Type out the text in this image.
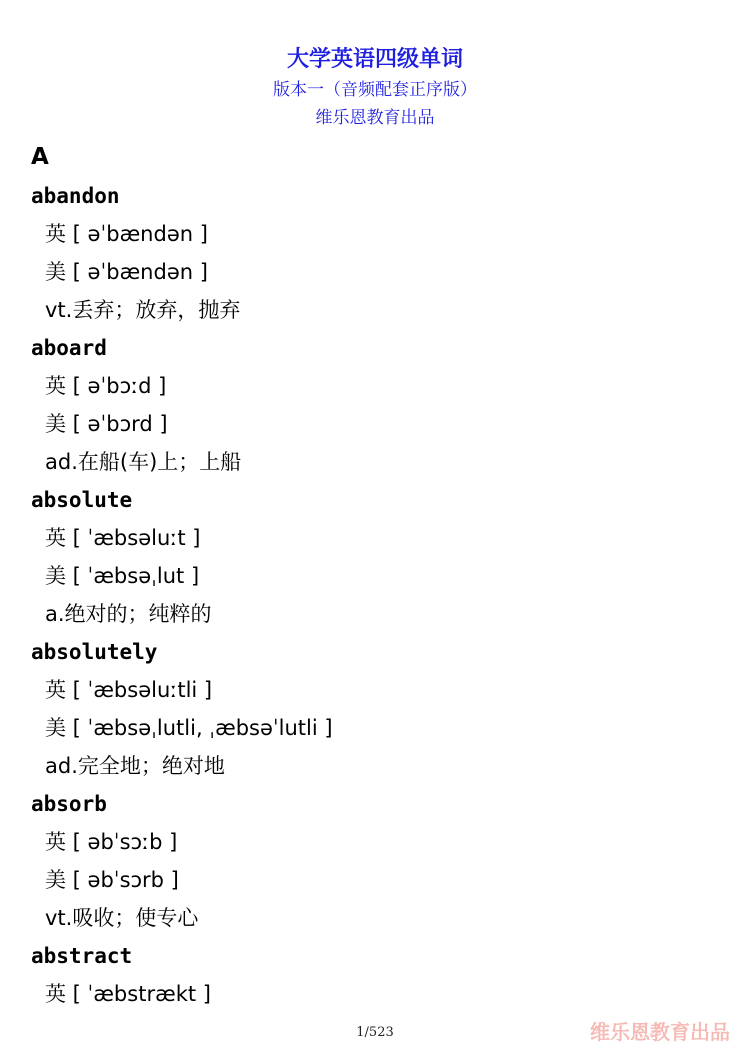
大学英语四级单词
版本一（音频配套正序版）
维乐恩教育出品
A
abandon
英 [ əˈbændən ]
美 [ əˈbændən ]
vt.丢弃；放弃，抛弃
aboard
英 [ əˈbɔːd ]
美 [ əˈbɔrd ]
ad.在船(车)上；上船
absolute
英 [ ˈæbsəluːt ]
美 [ ˈæbsəˌlut ]
a.绝对的；纯粹的
absolutely
英 [ ˈæbsəluːtli ]
美 [ ˈæbsəˌlutli, ˌæbsəˈlutli ]
ad.完全地；绝对地
absorb
英 [ əbˈsɔːb ]
美 [ əbˈsɔrb ]
vt.吸收；使专心
abstract
英 [ ˈæbstrækt ]
1/523	维乐恩教育出品
